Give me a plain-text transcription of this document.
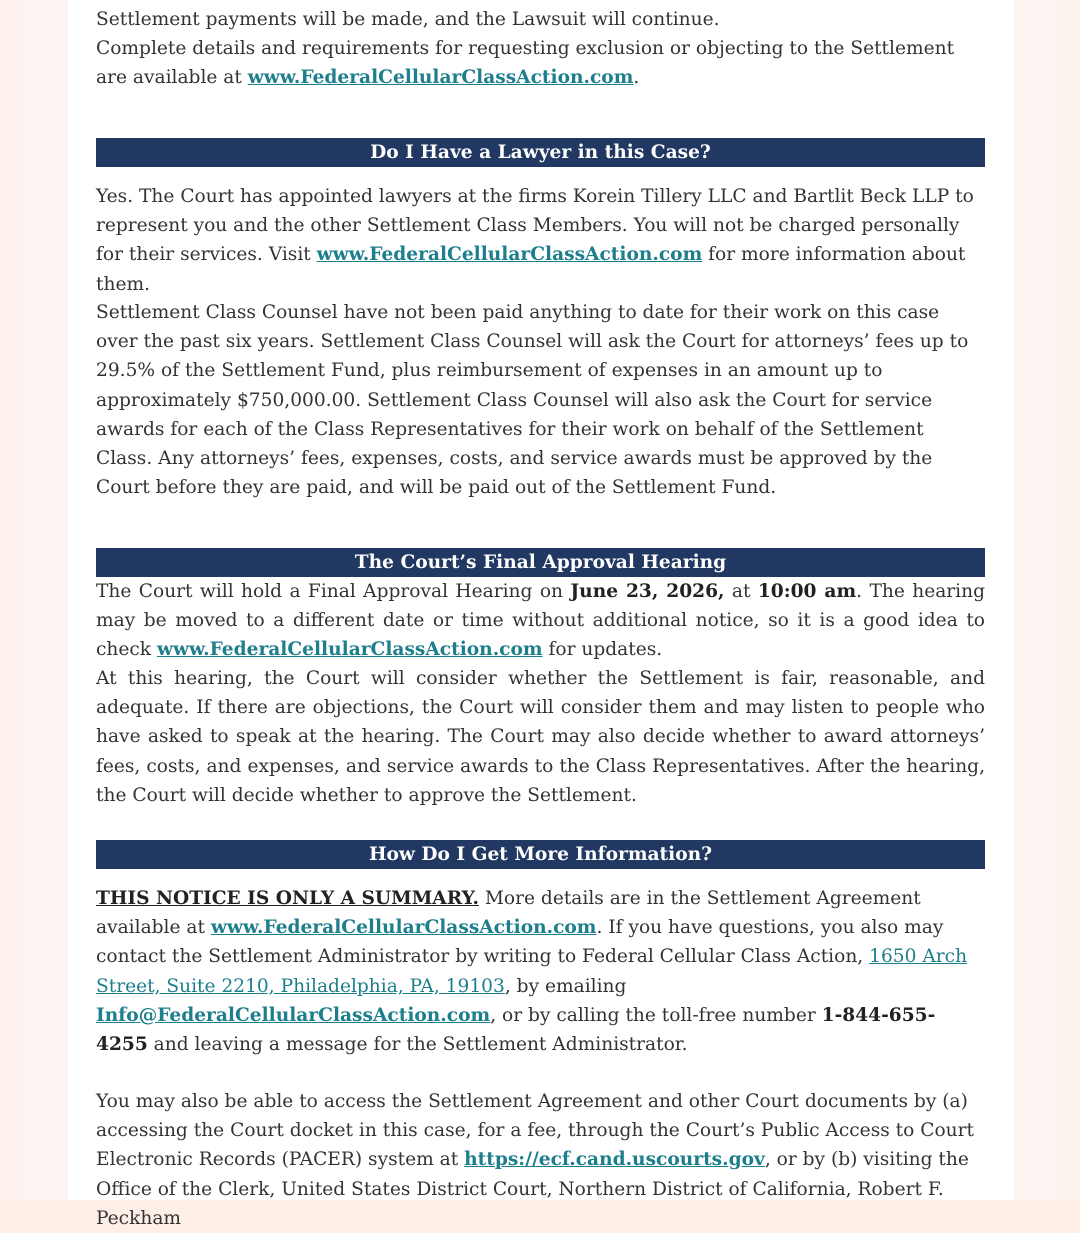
Settlement payments will be made, and the Lawsuit will continue.
Complete details and requirements for requesting exclusion or objecting to the Settlement are available at www.FederalCellularClassAction.com.

Do I Have a Lawyer in this Case?

Yes. The Court has appointed lawyers at the firms Korein Tillery LLC and Bartlit Beck LLP to represent you and the other Settlement Class Members. You will not be charged personally for their services. Visit www.FederalCellularClassAction.com for more information about them.

Settlement Class Counsel have not been paid anything to date for their work on this case over the past six years. Settlement Class Counsel will ask the Court for attorneys’ fees up to 29.5% of the Settlement Fund, plus reimbursement of expenses in an amount up to approximately $750,000.00. Settlement Class Counsel will also ask the Court for service awards for each of the Class Representatives for their work on behalf of the Settlement Class. Any attorneys’ fees, expenses, costs, and service awards must be approved by the Court before they are paid, and will be paid out of the Settlement Fund.

The Court’s Final Approval Hearing

The Court will hold a Final Approval Hearing on June 23, 2026, at 10:00 am. The hearing may be moved to a different date or time without additional notice, so it is a good idea to check www.FederalCellularClassAction.com for updates.

At this hearing, the Court will consider whether the Settlement is fair, reasonable, and adequate. If there are objections, the Court will consider them and may listen to people who have asked to speak at the hearing. The Court may also decide whether to award attorneys’ fees, costs, and expenses, and service awards to the Class Representatives. After the hearing, the Court will decide whether to approve the Settlement.

How Do I Get More Information?

THIS NOTICE IS ONLY A SUMMARY. More details are in the Settlement Agreement available at www.FederalCellularClassAction.com. If you have questions, you also may contact the Settlement Administrator by writing to Federal Cellular Class Action, 1650 Arch Street, Suite 2210, Philadelphia, PA, 19103, by emailing Info@FederalCellularClassAction.com, or by calling the toll-free number 1-844-655-4255 and leaving a message for the Settlement Administrator.

You may also be able to access the Settlement Agreement and other Court documents by (a) accessing the Court docket in this case, for a fee, through the Court’s Public Access to Court Electronic Records (PACER) system at https://ecf.cand.uscourts.gov, or by (b) visiting the Office of the Clerk, United States District Court, Northern District of California, Robert F. Peckham
